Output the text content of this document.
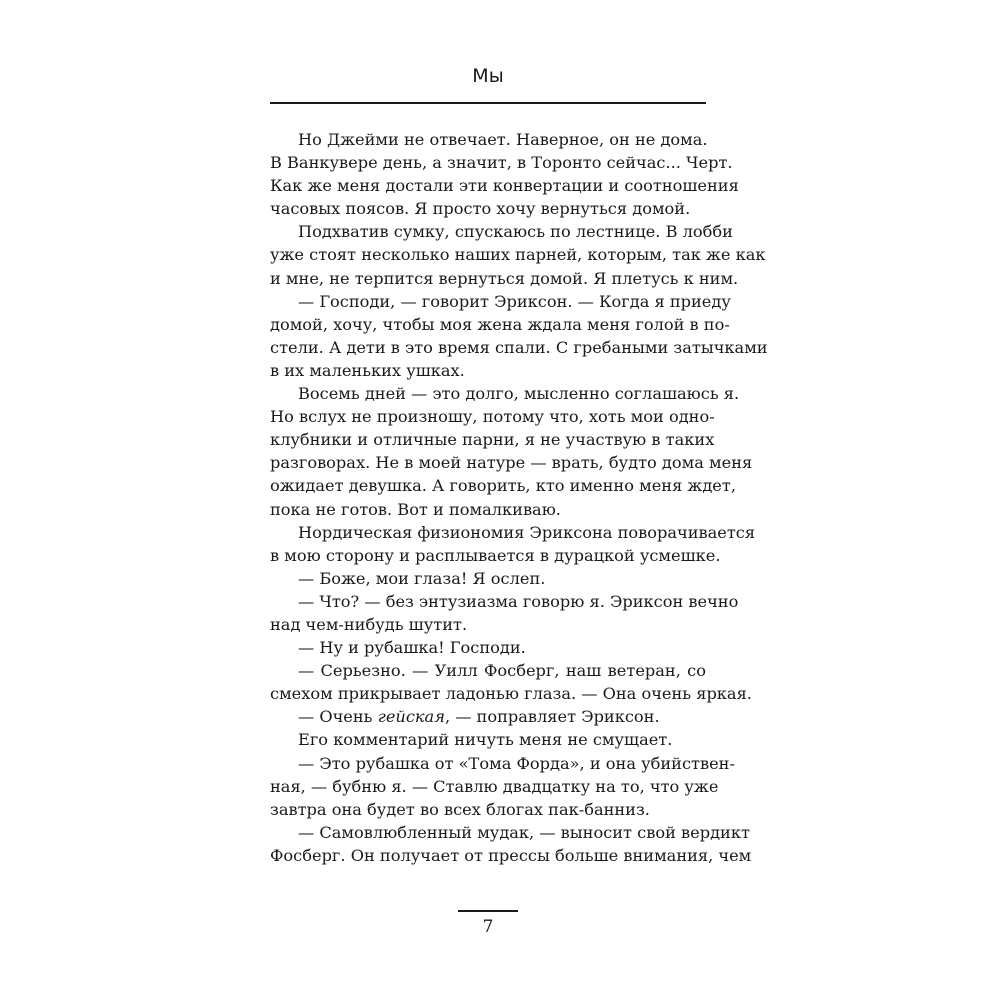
Мы
Но Джейми не отвечает. Наверное, он не дома.
В Ванкувере день, а значит, в Торонто сейчас... Черт.
Как же меня достали эти конвертации и соотношения
часовых поясов. Я просто хочу вернуться домой.
Подхватив сумку, спускаюсь по лестнице. В лобби
уже стоят несколько наших парней, которым, так же как
и мне, не терпится вернуться домой. Я плетусь к ним.
— Господи, — говорит Эриксон. — Когда я приеду
домой, хочу, чтобы моя жена ждала меня голой в по-
стели. А дети в это время спали. С гребаными затычками
в их маленьких ушках.
Восемь дней — это долго, мысленно соглашаюсь я.
Но вслух не произношу, потому что, хоть мои одно-
клубники и отличные парни, я не участвую в таких
разговорах. Не в моей натуре — врать, будто дома меня
ожидает девушка. А говорить, кто именно меня ждет,
пока не готов. Вот и помалкиваю.
Нордическая физиономия Эриксона поворачивается
в мою сторону и расплывается в дурацкой усмешке.
— Боже, мои глаза! Я ослеп.
— Что? — без энтузиазма говорю я. Эриксон вечно
над чем-нибудь шутит.
— Ну и рубашка! Господи.
— Серьезно. — Уилл Фосберг, наш ветеран, со
смехом прикрывает ладонью глаза. — Она очень яркая.
— Очень гейская, — поправляет Эриксон.
Его комментарий ничуть меня не смущает.
— Это рубашка от «Тома Форда», и она убийствен-
ная, — бубню я. — Ставлю двадцатку на то, что уже
завтра она будет во всех блогах пак-банниз.
— Самовлюбленный мудак, — выносит свой вердикт
Фосберг. Он получает от прессы больше внимания, чем
7
